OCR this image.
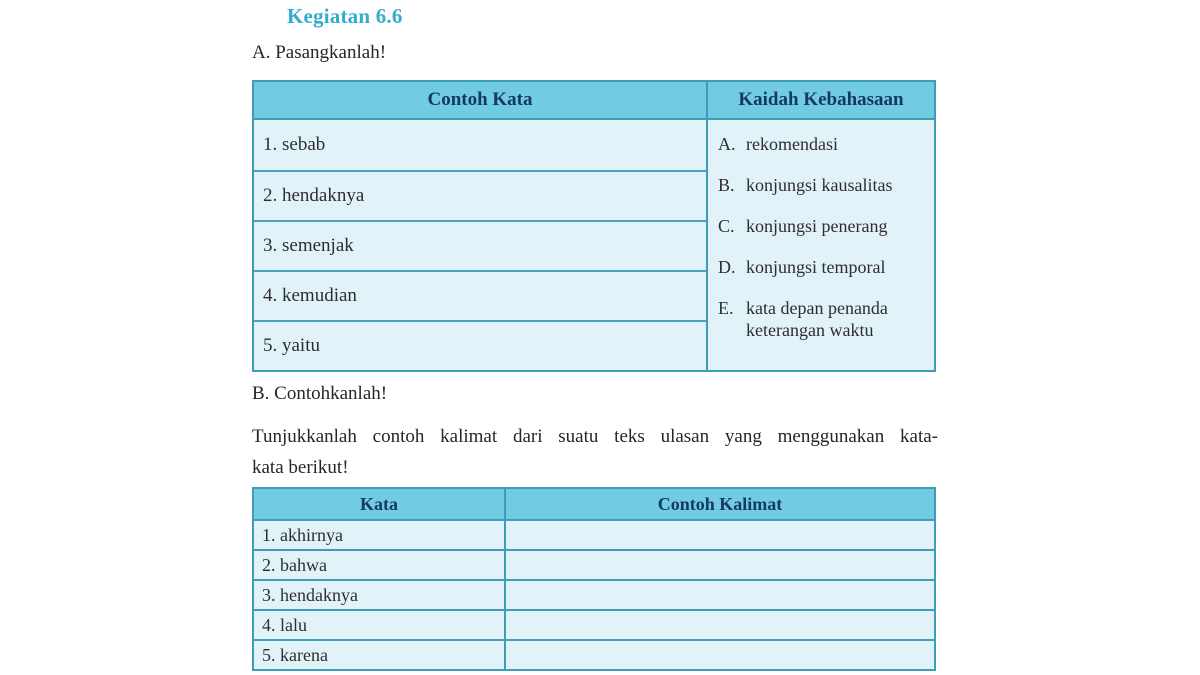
Kegiatan 6.6
A. Pasangkanlah!
Contoh Kata	Kaidah Kebahasaan
1. sebab
2. hendaknya
3. semenjak
4. kemudian
5. yaitu
A. rekomendasi
B. konjungsi kausalitas
C. konjungsi penerang
D. konjungsi temporal
E. kata depan penanda keterangan waktu
B. Contohkanlah!
Tunjukkanlah contoh kalimat dari suatu teks ulasan yang menggunakan kata-
kata berikut!
Kata	Contoh Kalimat
1. akhirnya
2. bahwa
3. hendaknya
4. lalu
5. karena
